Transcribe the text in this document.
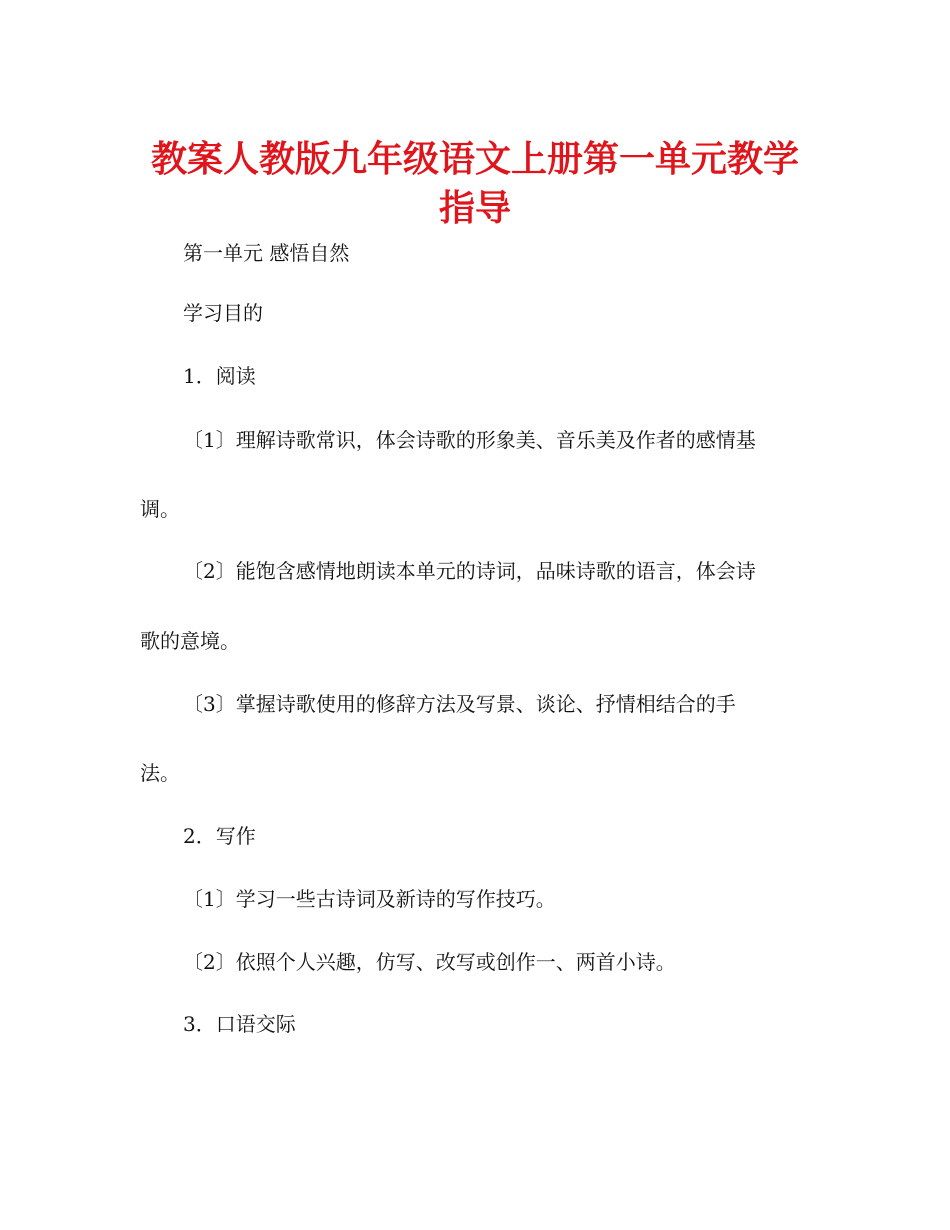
教案人教版九年级语文上册第一单元教学
指导

第一单元 感悟自然

学习目的

1．阅读

〔1〕理解诗歌常识，体会诗歌的形象美、音乐美及作者的感情基

调。

〔2〕能饱含感情地朗读本单元的诗词，品味诗歌的语言，体会诗

歌的意境。

〔3〕掌握诗歌使用的修辞方法及写景、谈论、抒情相结合的手

法。

2．写作

〔1〕学习一些古诗词及新诗的写作技巧。

〔2〕依照个人兴趣，仿写、改写或创作一、两首小诗。

3．口语交际
